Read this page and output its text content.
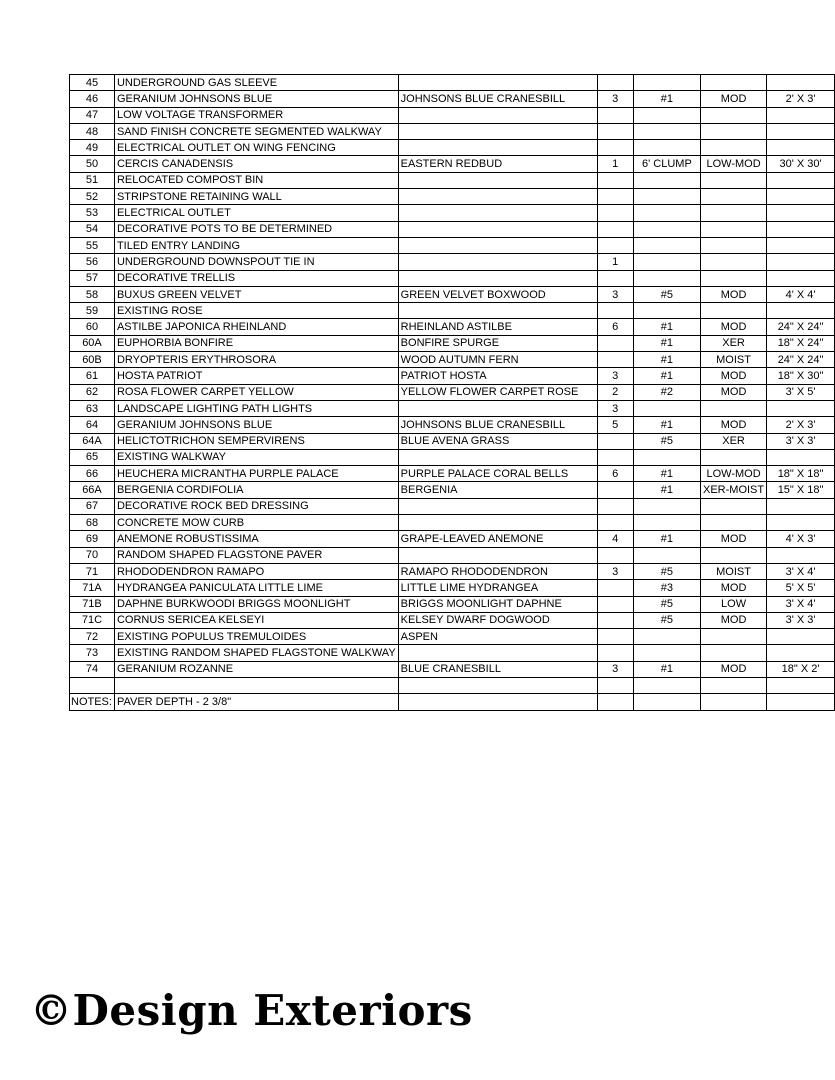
45	UNDERGROUND GAS SLEEVE					
46	GERANIUM JOHNSONS BLUE	JOHNSONS BLUE CRANESBILL	3	#1	MOD	2' X 3'
47	LOW VOLTAGE TRANSFORMER					
48	SAND FINISH CONCRETE SEGMENTED WALKWAY					
49	ELECTRICAL OUTLET ON WING FENCING					
50	CERCIS CANADENSIS	EASTERN REDBUD	1	6' CLUMP	LOW-MOD	30' X 30'
51	RELOCATED COMPOST BIN					
52	STRIPSTONE RETAINING WALL					
53	ELECTRICAL OUTLET					
54	DECORATIVE POTS TO BE DETERMINED					
55	TILED ENTRY LANDING					
56	UNDERGROUND DOWNSPOUT TIE IN		1			
57	DECORATIVE TRELLIS					
58	BUXUS GREEN VELVET	GREEN VELVET BOXWOOD	3	#5	MOD	4' X 4'
59	EXISTING ROSE					
60	ASTILBE JAPONICA RHEINLAND	RHEINLAND ASTILBE	6	#1	MOD	24" X 24"
60A	EUPHORBIA BONFIRE	BONFIRE SPURGE		#1	XER	18" X 24"
60B	DRYOPTERIS ERYTHROSORA	WOOD AUTUMN FERN		#1	MOIST	24" X 24"
61	HOSTA PATRIOT	PATRIOT HOSTA	3	#1	MOD	18" X 30"
62	ROSA FLOWER CARPET YELLOW	YELLOW FLOWER CARPET ROSE	2	#2	MOD	3' X 5'
63	LANDSCAPE LIGHTING PATH LIGHTS		3			
64	GERANIUM JOHNSONS BLUE	JOHNSONS BLUE CRANESBILL	5	#1	MOD	2' X 3'
64A	HELICTOTRICHON SEMPERVIRENS	BLUE AVENA GRASS		#5	XER	3' X 3'
65	EXISTING WALKWAY					
66	HEUCHERA MICRANTHA PURPLE PALACE	PURPLE PALACE CORAL BELLS	6	#1	LOW-MOD	18" X 18"
66A	BERGENIA CORDIFOLIA	BERGENIA		#1	XER-MOIST	15" X 18"
67	DECORATIVE ROCK BED DRESSING					
68	CONCRETE MOW CURB					
69	ANEMONE ROBUSTISSIMA	GRAPE-LEAVED ANEMONE	4	#1	MOD	4' X 3'
70	RANDOM SHAPED FLAGSTONE PAVER					
71	RHODODENDRON RAMAPO	RAMAPO RHODODENDRON	3	#5	MOIST	3' X 4'
71A	HYDRANGEA PANICULATA LITTLE LIME	LITTLE LIME HYDRANGEA		#3	MOD	5' X 5'
71B	DAPHNE BURKWOODI BRIGGS MOONLIGHT	BRIGGS MOONLIGHT DAPHNE		#5	LOW	3' X 4'
71C	CORNUS SERICEA KELSEYI	KELSEY DWARF DOGWOOD		#5	MOD	3' X 3'
72	EXISTING POPULUS TREMULOIDES	ASPEN				
73	EXISTING RANDOM SHAPED FLAGSTONE WALKWAY					
74	GERANIUM ROZANNE	BLUE CRANESBILL	3	#1	MOD	18" X 2'

NOTES:	PAVER DEPTH - 2 3/8"					
©Design Exteriors
